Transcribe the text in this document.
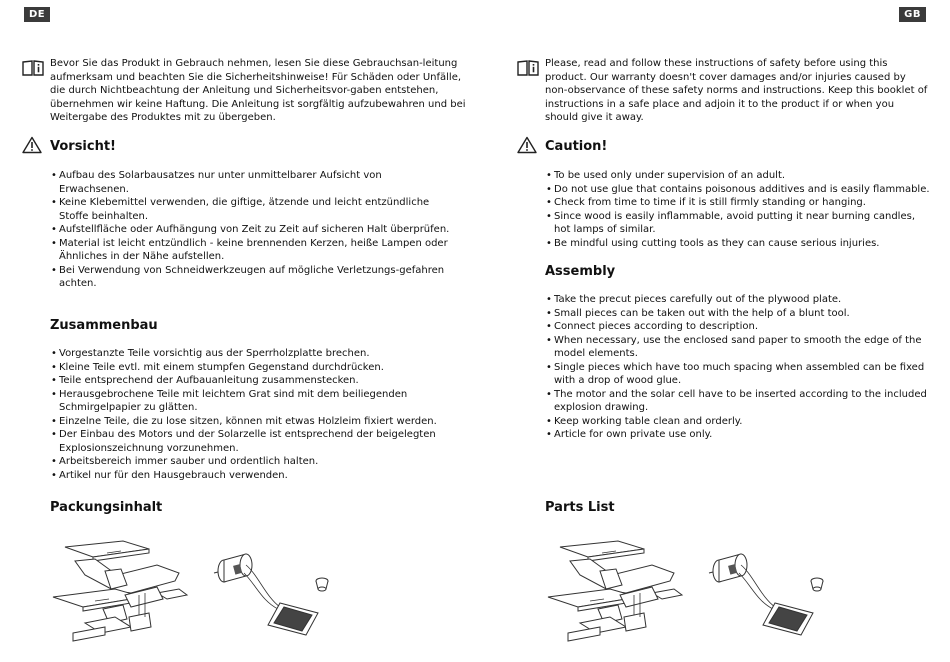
DE
Bevor Sie das Produkt in Gebrauch nehmen, lesen Sie diese Gebrauchsan-leitung aufmerksam und beachten Sie die Sicherheitshinweise! Für Schäden oder Unfälle, die durch Nichtbeachtung der Anleitung und Sicherheitsvor-gaben entstehen, übernehmen wir keine Haftung. Die Anleitung ist sorgfältig aufzubewahren und bei Weitergabe des Produktes mit zu übergeben.
Vorsicht!
• Aufbau des Solarbausatzes nur unter unmittelbarer Aufsicht von Erwachsenen.
• Keine Klebemittel verwenden, die giftige, ätzende und leicht entzündliche Stoffe beinhalten.
• Aufstellfläche oder Aufhängung von Zeit zu Zeit auf sicheren Halt überprüfen.
• Material ist leicht entzündlich - keine brennenden Kerzen, heiße Lampen oder Ähnliches in der Nähe aufstellen.
• Bei Verwendung von Schneidwerkzeugen auf mögliche Verletzungs-gefahren achten.
Zusammenbau
• Vorgestanzte Teile vorsichtig aus der Sperrholzplatte brechen.
• Kleine Teile evtl. mit einem stumpfen Gegenstand durchdrücken.
• Teile entsprechend der Aufbauanleitung zusammenstecken.
• Herausgebrochene Teile mit leichtem Grat sind mit dem beiliegenden Schmirgelpapier zu glätten.
• Einzelne Teile, die zu lose sitzen, können mit etwas Holzleim fixiert werden.
• Der Einbau des Motors und der Solarzelle ist entsprechend der beigelegten Explosionszeichnung vorzunehmen.
• Arbeitsbereich immer sauber und ordentlich halten.
• Artikel nur für den Hausgebrauch verwenden.
Packungsinhalt
GB
Please, read and follow these instructions of safety before using this product. Our warranty doesn't cover damages and/or injuries caused by non-observance of these safety norms and instructions. Keep this booklet of instructions in a safe place and adjoin it to the product if or when you should give it away.
Caution!
• To be used only under supervision of an adult.
• Do not use glue that contains poisonous additives and is easily flammable.
• Check from time to time if it is still firmly standing or hanging.
• Since wood is easily inflammable, avoid putting it near burning candles, hot lamps of similar.
• Be mindful using cutting tools as they can cause serious injuries.
Assembly
• Take the precut pieces carefully out of the plywood plate.
• Small pieces can be taken out with the help of a blunt tool.
• Connect pieces according to description.
• When necessary, use the enclosed sand paper to smooth the edge of the model elements.
• Single pieces which have too much spacing when assembled can be fixed with a drop of wood glue.
• The motor and the solar cell have to be inserted according to the included explosion drawing.
• Keep working table clean and orderly.
• Article for own private use only.
Parts List
